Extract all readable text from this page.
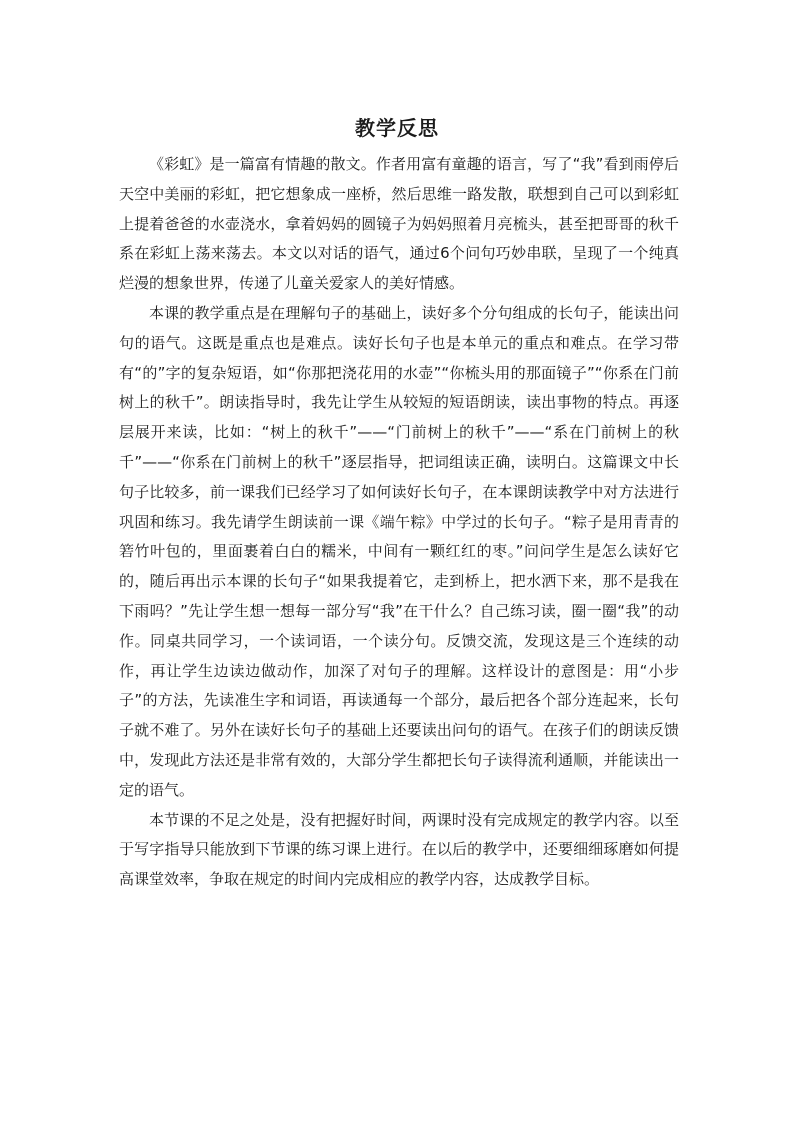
教学反思

《彩虹》是一篇富有情趣的散文。作者用富有童趣的语言，写了“我”看到雨停后天空中美丽的彩虹，把它想象成一座桥，然后思维一路发散，联想到自己可以到彩虹上提着爸爸的水壶浇水，拿着妈妈的圆镜子为妈妈照着月亮梳头，甚至把哥哥的秋千系在彩虹上荡来荡去。本文以对话的语气，通过6个问句巧妙串联，呈现了一个纯真烂漫的想象世界，传递了儿童关爱家人的美好情感。

本课的教学重点是在理解句子的基础上，读好多个分句组成的长句子，能读出问句的语气。这既是重点也是难点。读好长句子也是本单元的重点和难点。在学习带有“的”字的复杂短语，如“你那把浇花用的水壶”“你梳头用的那面镜子”“你系在门前树上的秋千”。朗读指导时，我先让学生从较短的短语朗读，读出事物的特点。再逐层展开来读，比如：“树上的秋千”——“门前树上的秋千”——“系在门前树上的秋千”——“你系在门前树上的秋千”逐层指导，把词组读正确，读明白。这篇课文中长句子比较多，前一课我们已经学习了如何读好长句子，在本课朗读教学中对方法进行巩固和练习。我先请学生朗读前一课《端午粽》中学过的长句子。“粽子是用青青的箬竹叶包的，里面裹着白白的糯米，中间有一颗红红的枣。”问问学生是怎么读好它的，随后再出示本课的长句子“如果我提着它，走到桥上，把水洒下来，那不是我在下雨吗？”先让学生想一想每一部分写“我”在干什么？自己练习读，圈一圈“我”的动作。同桌共同学习，一个读词语，一个读分句。反馈交流，发现这是三个连续的动作，再让学生边读边做动作，加深了对句子的理解。这样设计的意图是：用“小步子”的方法，先读准生字和词语，再读通每一个部分，最后把各个部分连起来，长句子就不难了。另外在读好长句子的基础上还要读出问句的语气。在孩子们的朗读反馈中，发现此方法还是非常有效的，大部分学生都把长句子读得流利通顺，并能读出一定的语气。

本节课的不足之处是，没有把握好时间，两课时没有完成规定的教学内容。以至于写字指导只能放到下节课的练习课上进行。在以后的教学中，还要细细琢磨如何提高课堂效率，争取在规定的时间内完成相应的教学内容，达成教学目标。
